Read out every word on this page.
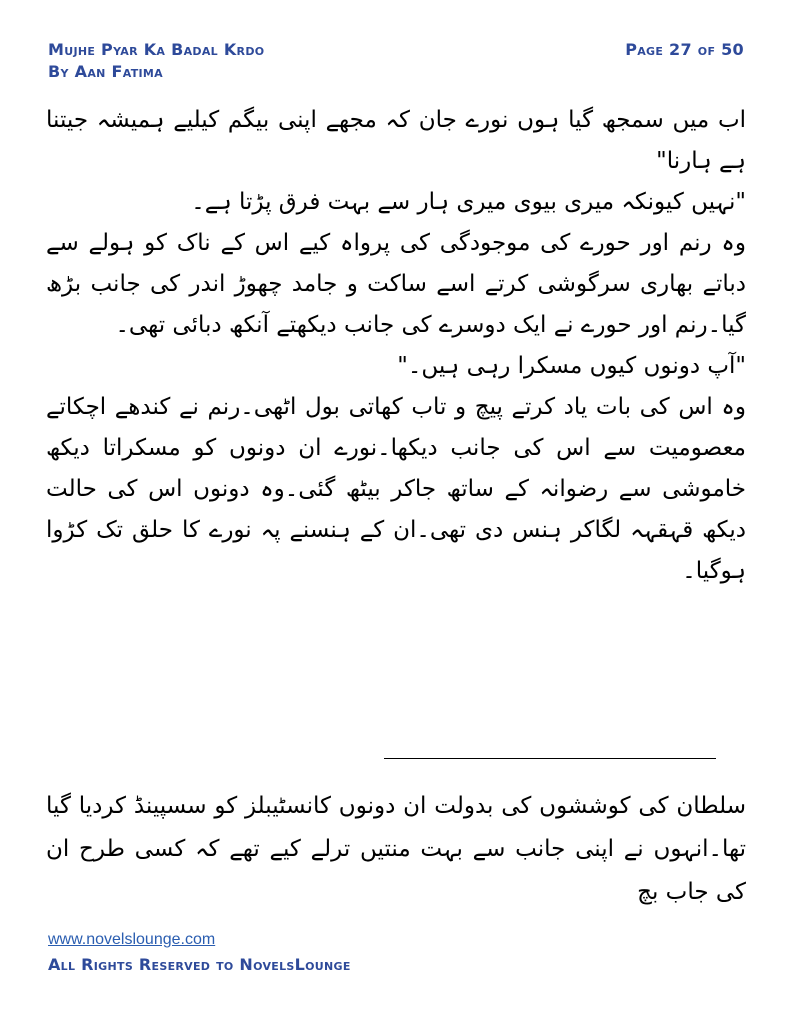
Mujhe Pyar Ka Badal Krdo
By Aan Fatima
Page 27 of 50

اب میں سمجھ گیا ہوں نورے جان کہ مجھے اپنی بیگم کیلیے ہمیشہ جیتنا ہے ہارنا"

"نہیں کیونکہ میری بیوی میری ہار سے بہت فرق پڑتا ہے۔

وہ رنم اور حورے کی موجودگی کی پرواہ کیے اس کے ناک کو ہولے سے دباتے بھاری سرگوشی کرتے اسے ساکت و جامد چھوڑ اندر کی جانب بڑھ گیا۔رنم اور حورے نے ایک دوسرے کی جانب دیکھتے آنکھ دبائی تھی۔

"آپ دونوں کیوں مسکرا رہی ہیں۔"

وہ اس کی بات یاد کرتے پیچ و تاب کھاتی بول اٹھی۔رنم نے کندھے اچکاتے معصومیت سے اس کی جانب دیکھا۔نورے ان دونوں کو مسکراتا دیکھ خاموشی سے رضوانہ کے ساتھ جاکر بیٹھ گئی۔وہ دونوں اس کی حالت دیکھ قہقہہ لگاکر ہنس دی تھی۔ان کے ہنسنے پہ نورے کا حلق تک کڑوا ہوگیا۔

سلطان کی کوششوں کی بدولت ان دونوں کانسٹیبلز کو سسپینڈ کردیا گیا تھا۔انہوں نے اپنی جانب سے بہت منتیں ترلے کیے تھے کہ کسی طرح ان کی جاب بچ

www.novelslounge.com
All Rights Reserved to NovelsLounge
